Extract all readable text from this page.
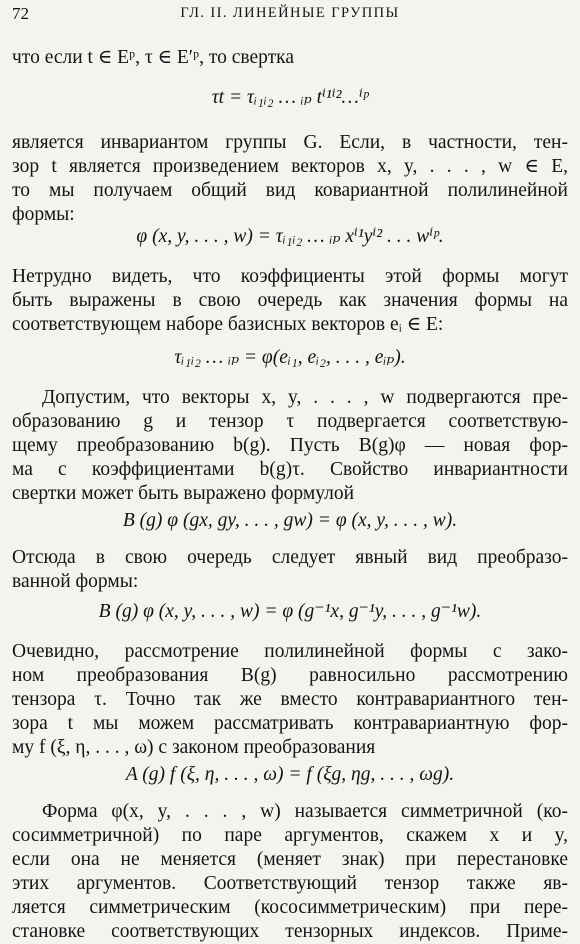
72	ГЛ. II. ЛИНЕЙНЫЕ ГРУППЫ
что если t ∈ Eᵖ, τ ∈ E′ᵖ, то свертка
τt = τᵢ₁ᵢ₂ … ᵢₚ tⁱ¹ⁱ²…ⁱᵖ
является инвариантом группы G. Если, в частности, тен-
зор t является произведением векторов x, y, . . . , w ∈ E,
то мы получаем общий вид ковариантной полилинейной
формы:
φ (x, y, . . . , w) = τᵢ₁ᵢ₂ … ᵢₚ xⁱ¹yⁱ² . . . wⁱᵖ.
Нетрудно видеть, что коэффициенты этой формы могут
быть выражены в свою очередь как значения формы на
соответствующем наборе базисных векторов eᵢ ∈ E:
τᵢ₁ᵢ₂ … ᵢₚ = φ(eᵢ₁, eᵢ₂, . . . , eᵢₚ).
Допустим, что векторы x, y, . . . , w подвергаются пре-
образованию g и тензор τ подвергается соответствую-
щему преобразованию b(g). Пусть B(g)φ — новая фор-
ма с коэффициентами b(g)τ. Свойство инвариантности
свертки может быть выражено формулой
B (g) φ (gx, gy, . . . , gw) = φ (x, y, . . . , w).
Отсюда в свою очередь следует явный вид преобразо-
ванной формы:
B (g) φ (x, y, . . . , w) = φ (g⁻¹x, g⁻¹y, . . . , g⁻¹w).
Очевидно, рассмотрение полилинейной формы с зако-
ном преобразования B(g) равносильно рассмотрению
тензора τ. Точно так же вместо контравариантного тен-
зора t мы можем рассматривать контравариантную фор-
му f (ξ, η, . . . , ω) с законом преобразования
A (g) f (ξ, η, . . . , ω) = f (ξg, ηg, . . . , ωg).
Форма φ(x, y, . . . , w) называется симметричной (ко-
сосимметричной) по паре аргументов, скажем x и y,
если она не меняется (меняет знак) при перестановке
этих аргументов. Соответствующий тензор также яв-
ляется симметрическим (кососимметрическим) при пере-
становке соответствующих тензорных индексов. Приме-
